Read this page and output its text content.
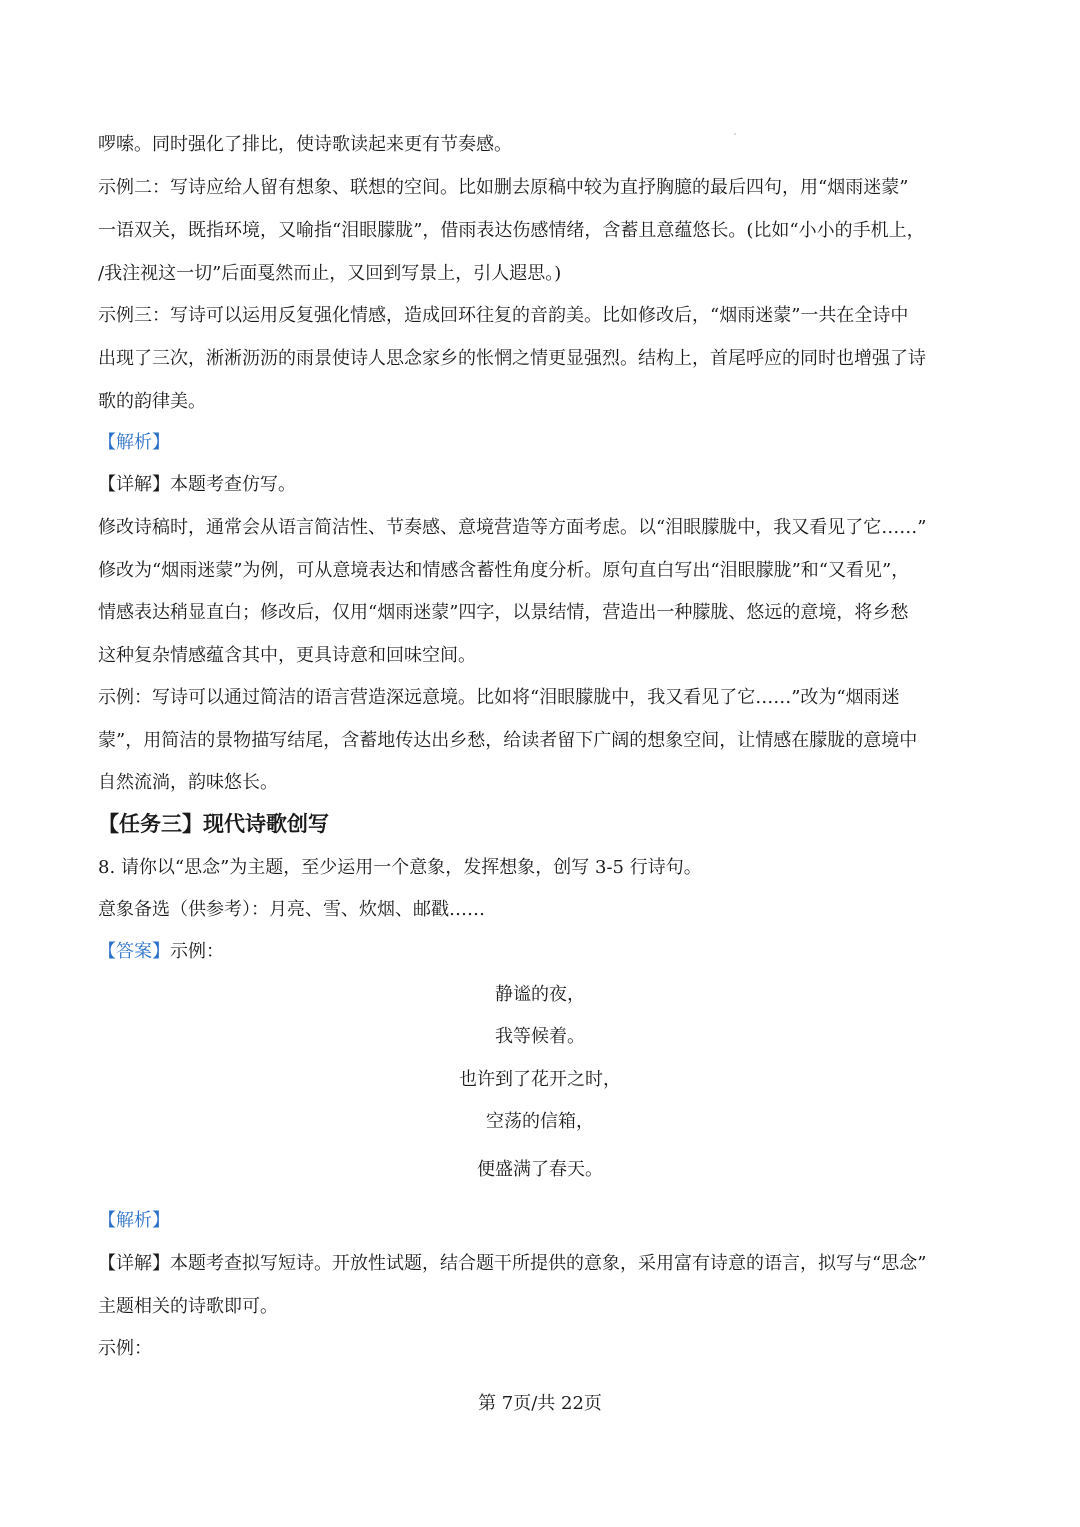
啰嗦。同时强化了排比，使诗歌读起来更有节奏感。
示例二：写诗应给人留有想象、联想的空间。比如删去原稿中较为直抒胸臆的最后四句，用“烟雨迷蒙”
一语双关，既指环境，又喻指“泪眼朦胧”，借雨表达伤感情绪，含蓄且意蕴悠长。(比如“小小的手机上，
/我注视这一切”后面戛然而止，又回到写景上，引人遐思。)
示例三：写诗可以运用反复强化情感，造成回环往复的音韵美。比如修改后，“烟雨迷蒙”一共在全诗中
出现了三次，淅淅沥沥的雨景使诗人思念家乡的怅惘之情更显强烈。结构上，首尾呼应的同时也增强了诗
歌的韵律美。
【解析】
【详解】本题考查仿写。
修改诗稿时，通常会从语言简洁性、节奏感、意境营造等方面考虑。以“泪眼朦胧中，我又看见了它……”
修改为“烟雨迷蒙”为例，可从意境表达和情感含蓄性角度分析。原句直白写出“泪眼朦胧”和“又看见”，
情感表达稍显直白；修改后，仅用“烟雨迷蒙”四字，以景结情，营造出一种朦胧、悠远的意境，将乡愁
这种复杂情感蕴含其中，更具诗意和回味空间。
示例：写诗可以通过简洁的语言营造深远意境。比如将“泪眼朦胧中，我又看见了它……”改为“烟雨迷
蒙”，用简洁的景物描写结尾，含蓄地传达出乡愁，给读者留下广阔的想象空间，让情感在朦胧的意境中
自然流淌，韵味悠长。
【任务三】现代诗歌创写
8. 请你以“思念”为主题，至少运用一个意象，发挥想象，创写 3-5 行诗句。
意象备选（供参考）：月亮、雪、炊烟、邮戳……
【答案】示例：
静谧的夜，
我等候着。
也许到了花开之时，
空荡的信箱，
便盛满了春天。
【解析】
【详解】本题考查拟写短诗。开放性试题，结合题干所提供的意象，采用富有诗意的语言，拟写与“思念”
主题相关的诗歌即可。
示例：
第 7页/共 22页
